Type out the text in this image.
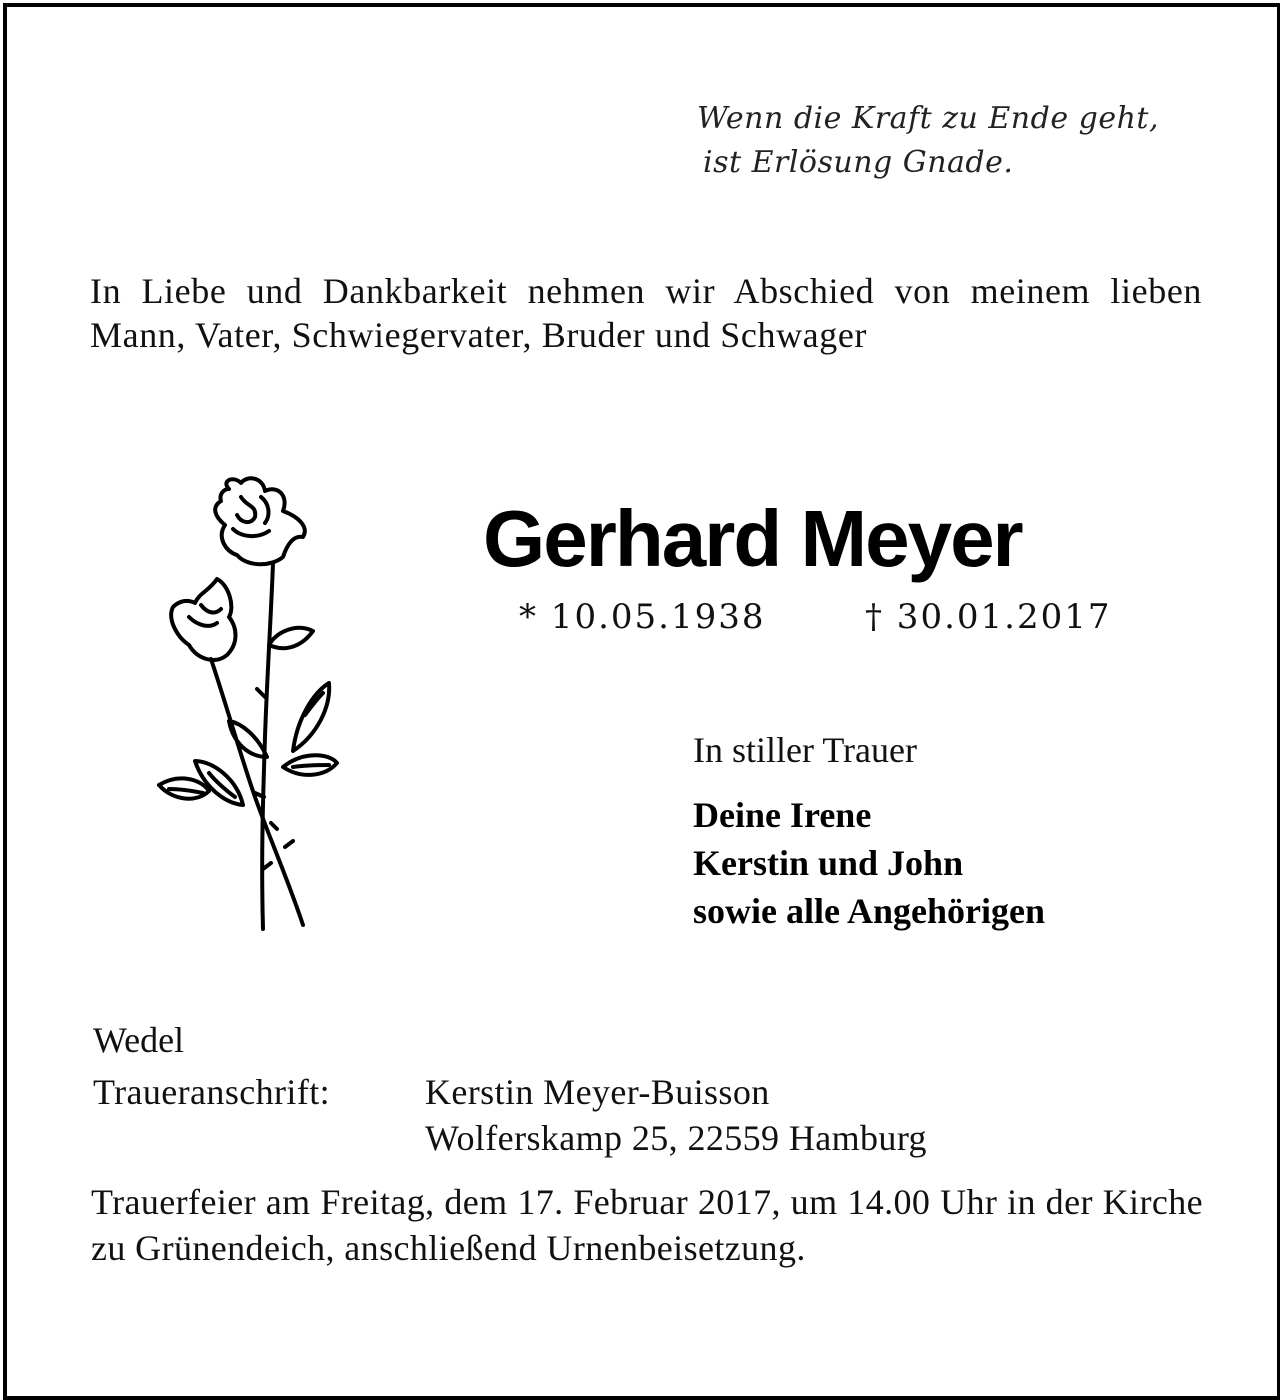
Wenn die Kraft zu Ende geht,
ist Erlösung Gnade.
In Liebe und Dankbarkeit nehmen wir Abschied von meinem lieben Mann, Vater, Schwiegervater, Bruder und Schwager
Gerhard Meyer
* 10.05.1938	† 30.01.2017
In stiller Trauer
Deine Irene
Kerstin und John
sowie alle Angehörigen
Wedel
Traueranschrift:	Kerstin Meyer-Buisson
Wolferskamp 25, 22559 Hamburg
Trauerfeier am Freitag, dem 17. Februar 2017, um 14.00 Uhr in der Kirche zu Grünendeich, anschließend Urnenbeisetzung.
